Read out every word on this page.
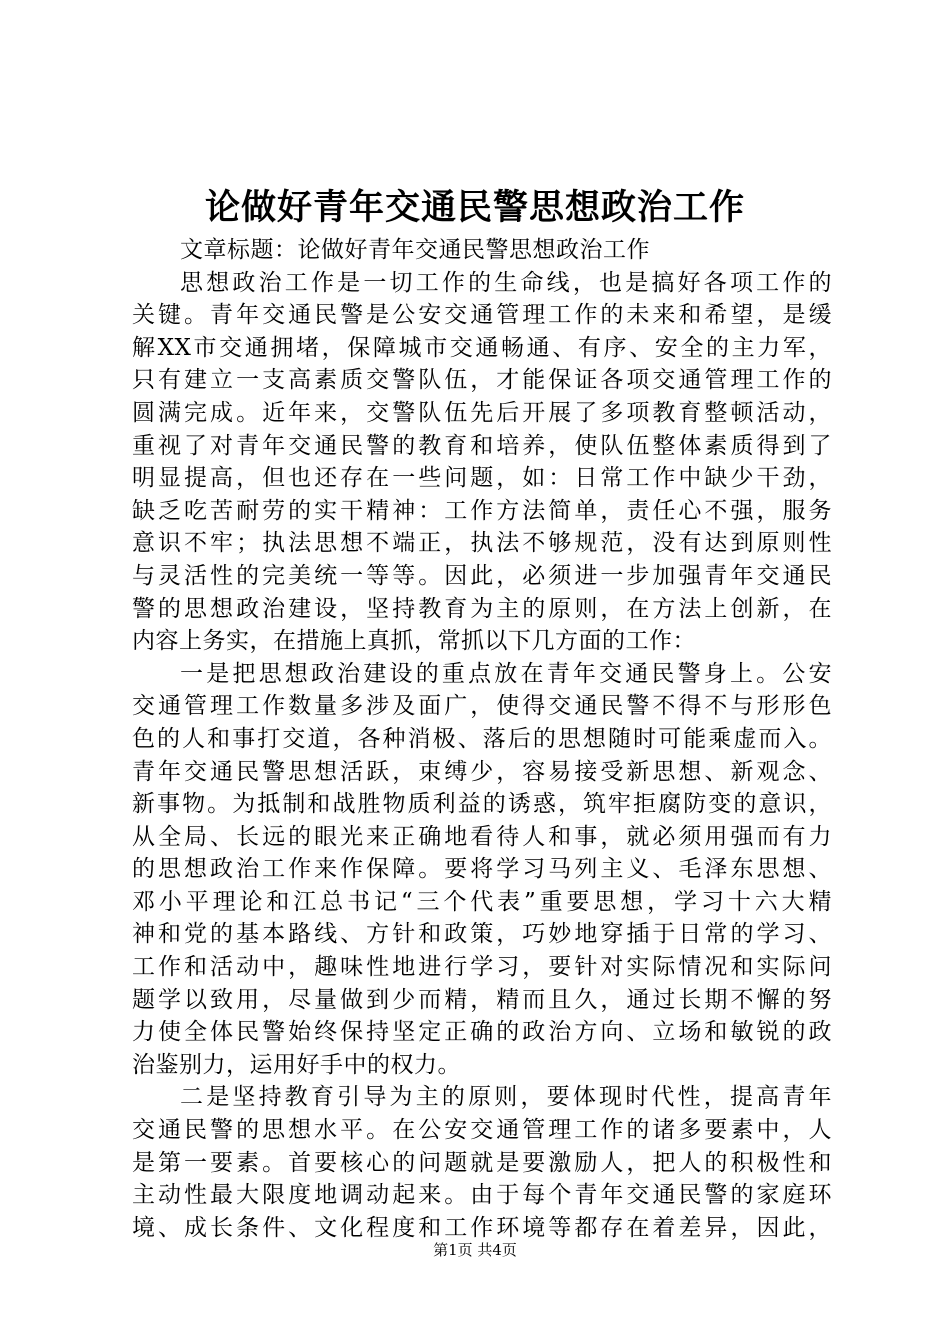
论做好青年交通民警思想政治工作
文章标题：论做好青年交通民警思想政治工作
思想政治工作是一切工作的生命线，也是搞好各项工作的
关键。青年交通民警是公安交通管理工作的未来和希望，是缓
解XX市交通拥堵，保障城市交通畅通、有序、安全的主力军，
只有建立一支高素质交警队伍，才能保证各项交通管理工作的
圆满完成。近年来，交警队伍先后开展了多项教育整顿活动，
重视了对青年交通民警的教育和培养，使队伍整体素质得到了
明显提高，但也还存在一些问题，如：日常工作中缺少干劲，
缺乏吃苦耐劳的实干精神：工作方法简单，责任心不强，服务
意识不牢；执法思想不端正，执法不够规范，没有达到原则性
与灵活性的完美统一等等。因此，必须进一步加强青年交通民
警的思想政治建设，坚持教育为主的原则，在方法上创新，在
内容上务实，在措施上真抓，常抓以下几方面的工作：
一是把思想政治建设的重点放在青年交通民警身上。公安
交通管理工作数量多涉及面广，使得交通民警不得不与形形色
色的人和事打交道，各种消极、落后的思想随时可能乘虚而入。
青年交通民警思想活跃，束缚少，容易接受新思想、新观念、
新事物。为抵制和战胜物质利益的诱惑，筑牢拒腐防变的意识，
从全局、长远的眼光来正确地看待人和事，就必须用强而有力
的思想政治工作来作保障。要将学习马列主义、毛泽东思想、
邓小平理论和江总书记“三个代表”重要思想，学习十六大精
神和党的基本路线、方针和政策，巧妙地穿插于日常的学习、
工作和活动中，趣味性地进行学习，要针对实际情况和实际问
题学以致用，尽量做到少而精，精而且久，通过长期不懈的努
力使全体民警始终保持坚定正确的政治方向、立场和敏锐的政
治鉴别力，运用好手中的权力。
二是坚持教育引导为主的原则，要体现时代性，提高青年
交通民警的思想水平。在公安交通管理工作的诸多要素中，人
是第一要素。首要核心的问题就是要激励人，把人的积极性和
主动性最大限度地调动起来。由于每个青年交通民警的家庭环
境、成长条件、文化程度和工作环境等都存在着差异，因此，
第1页 共4页
